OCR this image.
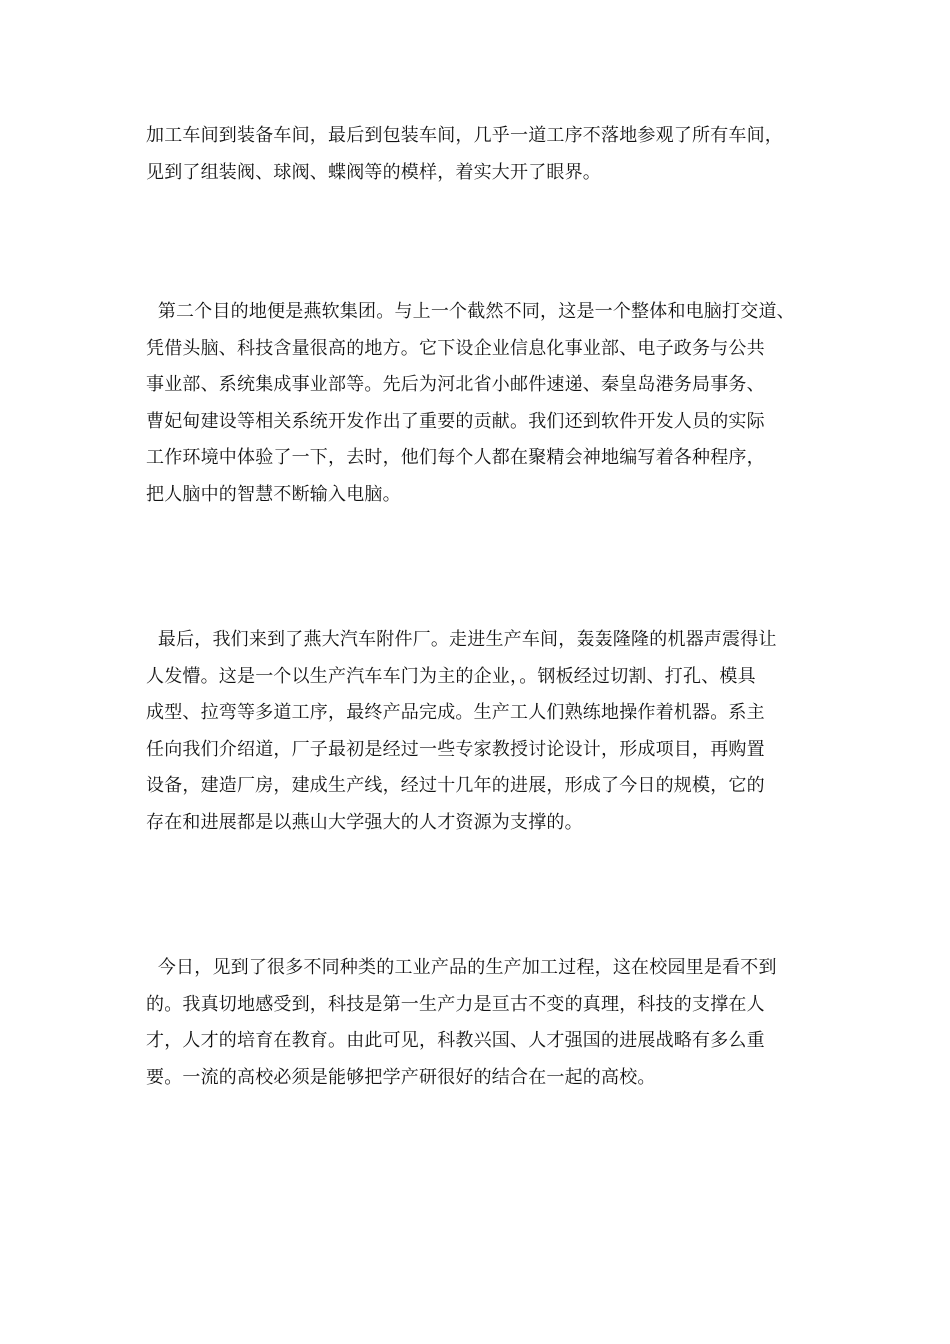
加工车间到装备车间，最后到包装车间，几乎一道工序不落地参观了所有车间，
见到了组装阀、球阀、蝶阀等的模样，着实大开了眼界。
第二个目的地便是燕软集团。与上一个截然不同，这是一个整体和电脑打交道、
凭借头脑、科技含量很高的地方。它下设企业信息化事业部、电子政务与公共
事业部、系统集成事业部等。先后为河北省小邮件速递、秦皇岛港务局事务、
曹妃甸建设等相关系统开发作出了重要的贡献。我们还到软件开发人员的实际
工作环境中体验了一下，去时，他们每个人都在聚精会神地编写着各种程序，
把人脑中的智慧不断输入电脑。
最后，我们来到了燕大汽车附件厂。走进生产车间，轰轰隆隆的机器声震得让
人发懵。这是一个以生产汽车车门为主的企业，。钢板经过切割、打孔、模具
成型、拉弯等多道工序，最终产品完成。生产工人们熟练地操作着机器。系主
任向我们介绍道，厂子最初是经过一些专家教授讨论设计，形成项目，再购置
设备，建造厂房，建成生产线，经过十几年的进展，形成了今日的规模，它的
存在和进展都是以燕山大学强大的人才资源为支撑的。
今日，见到了很多不同种类的工业产品的生产加工过程，这在校园里是看不到
的。我真切地感受到，科技是第一生产力是亘古不变的真理，科技的支撑在人
才，人才的培育在教育。由此可见，科教兴国、人才强国的进展战略有多么重
要。一流的高校必须是能够把学产研很好的结合在一起的高校。
